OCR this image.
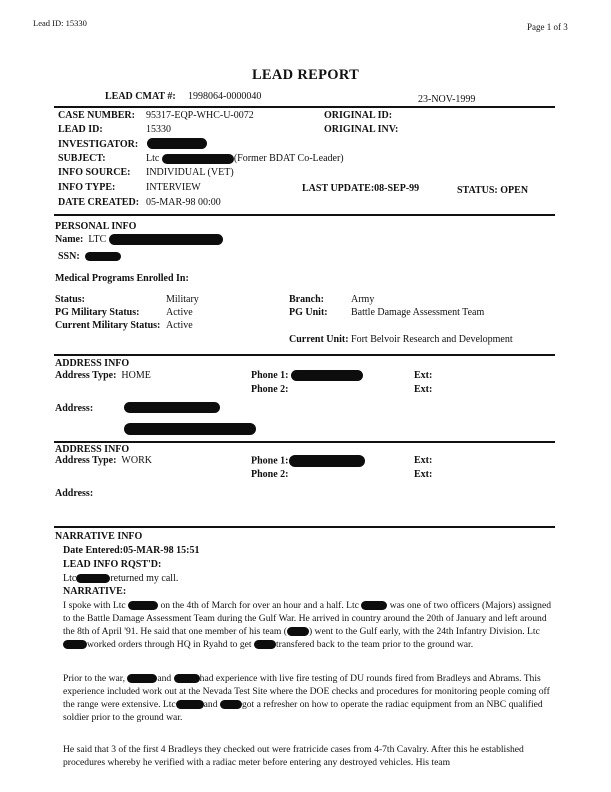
Lead ID: 15330	Page 1 of 3
LEAD REPORT
LEAD CMAT #: 1998064-0000040	23-NOV-1999
CASE NUMBER: 95317-EQP-WHC-U-0072	ORIGINAL ID:
LEAD ID:	15330	ORIGINAL INV:
INVESTIGATOR:
SUBJECT:	Ltc	(Former BDAT Co-Leader)
INFO SOURCE: INDIVIDUAL (VET)
INFO TYPE:	INTERVIEW	LAST UPDATE:08-SEP-99	STATUS: OPEN
DATE CREATED: 05-MAR-98 00:00
PERSONAL INFO
Name: LTC
SSN:
Medical Programs Enrolled In:
Status:	Military	Branch:	Army
PG Military Status:	Active	PG Unit: Battle Damage Assessment Team
Current Military Status: Active
Current Unit: Fort Belvoir Research and Development
ADDRESS INFO
Address Type: HOME	Phone 1:	Ext:
Phone 2:	Ext:
Address:
ADDRESS INFO
Address Type: WORK	Phone 1:	Ext:
Phone 2:	Ext:
Address:
NARRATIVE INFO
Date Entered:05-MAR-98 15:51
LEAD INFO RQST'D:
Ltc	returned my call.
NARRATIVE:
I spoke with Ltc	on the 4th of March for over an hour and a half. Ltc	was one of two officers (Majors) assigned to the Battle Damage Assessment Team during the Gulf War. He arrived in country around the 20th of January and left around the 8th of April '91. He said that one member of his team ( ) went to the Gulf early, with the 24th Infantry Division. Ltc worked orders through HQ in Ryahd to get	transfered back to the team prior to the ground war.
Prior to the war,	and	had experience with live fire testing of DU rounds fired from Bradleys and Abrams. This experience included work out at the Nevada Test Site where the DOE checks and procedures for monitoring people coming off the range were extensive. Ltc	and	got a refresher on how to operate the radiac equipment from an NBC qualified soldier prior to the ground war.
He said that 3 of the first 4 Bradleys they checked out were fratricide cases from 4-7th Cavalry. After this he established procedures whereby he verified with a radiac meter before entering any destroyed vehicles. His team
